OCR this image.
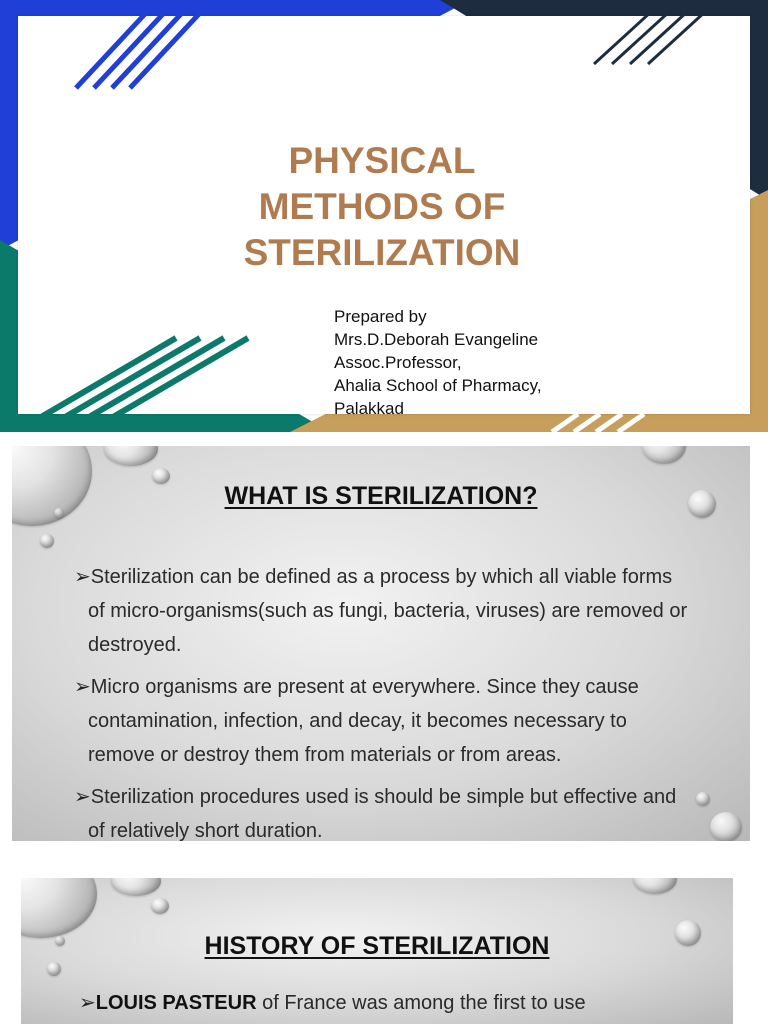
PHYSICAL
METHODS OF
STERILIZATION
Prepared by
Mrs.D.Deborah Evangeline
Assoc.Professor,
Ahalia School of Pharmacy,
Palakkad
WHAT IS STERILIZATION?
➢Sterilization can be defined as a process by which all viable forms of micro-organisms(such as fungi, bacteria, viruses) are removed or destroyed.
➢Micro organisms are present at everywhere. Since they cause contamination, infection, and decay, it becomes necessary to remove or destroy them from materials or from areas.
➢Sterilization procedures used is should be simple but effective and of relatively short duration.
HISTORY OF STERILIZATION
➢LOUIS PASTEUR of France was among the first to use
